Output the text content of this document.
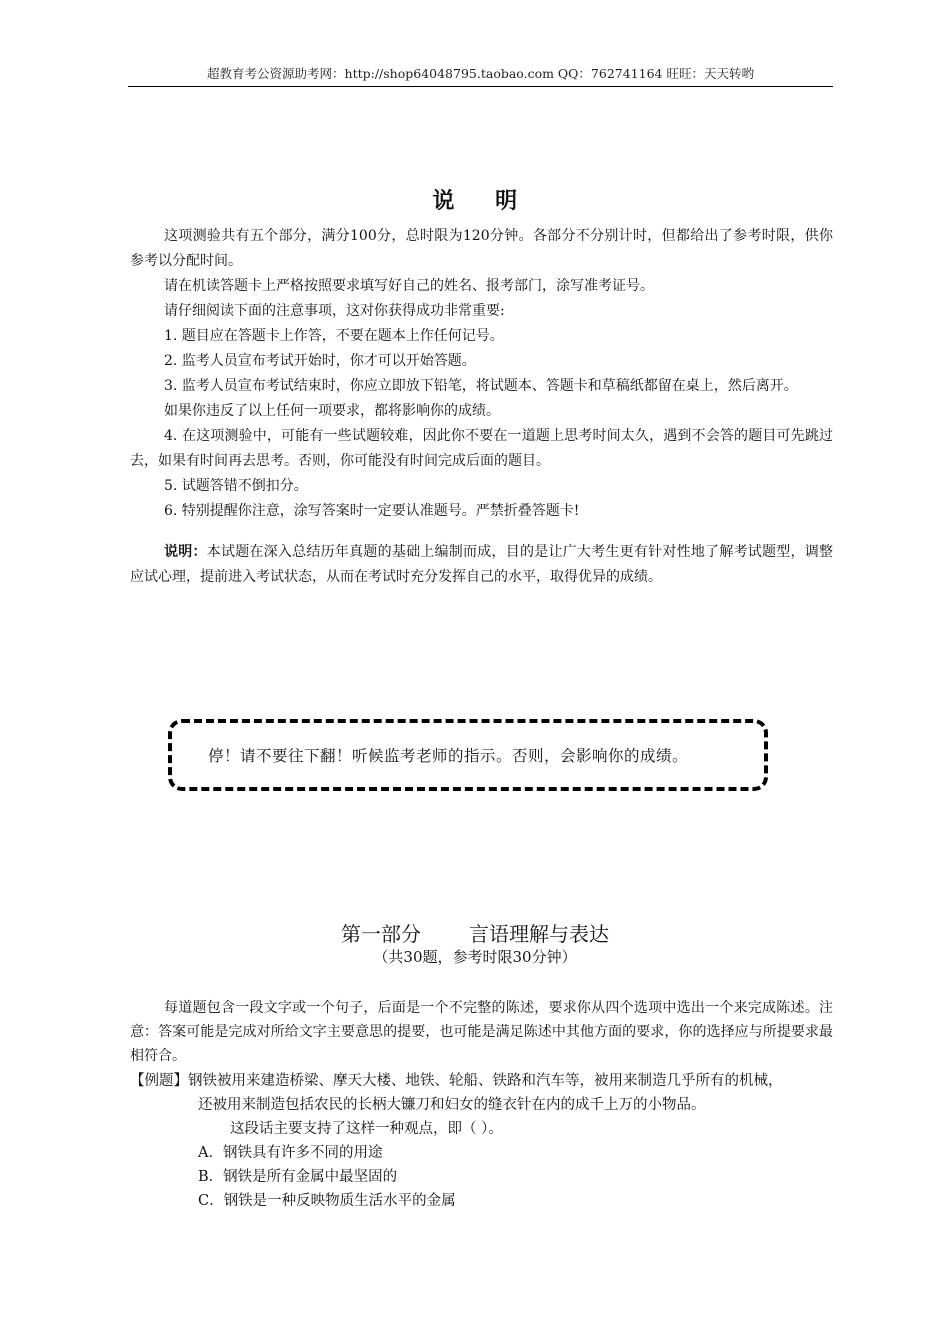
超教育考公资源助考网：http://shop64048795.taobao.com QQ：762741164 旺旺：天天转哟
说 明

这项测验共有五个部分，满分100分，总时限为120分钟。各部分不分别计时，但都给出了参考时限，供你参考以分配时间。

请在机读答题卡上严格按照要求填写好自己的姓名、报考部门，涂写准考证号。

请仔细阅读下面的注意事项，这对你获得成功非常重要:

1. 题目应在答题卡上作答，不要在题本上作任何记号。

2. 监考人员宣布考试开始时，你才可以开始答题。

3. 监考人员宣布考试结束时，你应立即放下铅笔，将试题本、答题卡和草稿纸都留在桌上，然后离开。

如果你违反了以上任何一项要求，都将影响你的成绩。

4. 在这项测验中，可能有一些试题较难，因此你不要在一道题上思考时间太久，遇到不会答的题目可先跳过去，如果有时间再去思考。否则，你可能没有时间完成后面的题目。

5. 试题答错不倒扣分。

6. 特别提醒你注意，涂写答案时一定要认准题号。严禁折叠答题卡!

说明：本试题在深入总结历年真题的基础上编制而成，目的是让广大考生更有针对性地了解考试题型，调整应试心理，提前进入考试状态，从而在考试时充分发挥自己的水平，取得优异的成绩。

停！请不要往下翻！听候监考老师的指示。否则，会影响你的成绩。
第一部分 言语理解与表达
（共30题，参考时限30分钟）

每道题包含一段文字或一个句子，后面是一个不完整的陈述，要求你从四个选项中选出一个来完成陈述。注意：答案可能是完成对所给文字主要意思的提要，也可能是满足陈述中其他方面的要求，你的选择应与所提要求最相符合。

【例题】钢铁被用来建造桥梁、摩天大楼、地铁、轮船、铁路和汽车等，被用来制造几乎所有的机械，
还被用来制造包括农民的长柄大镰刀和妇女的缝衣针在内的成千上万的小物品。
这段话主要支持了这样一种观点，即（ ）。
A．钢铁具有许多不同的用途
B．钢铁是所有金属中最坚固的
C．钢铁是一种反映物质生活水平的金属
